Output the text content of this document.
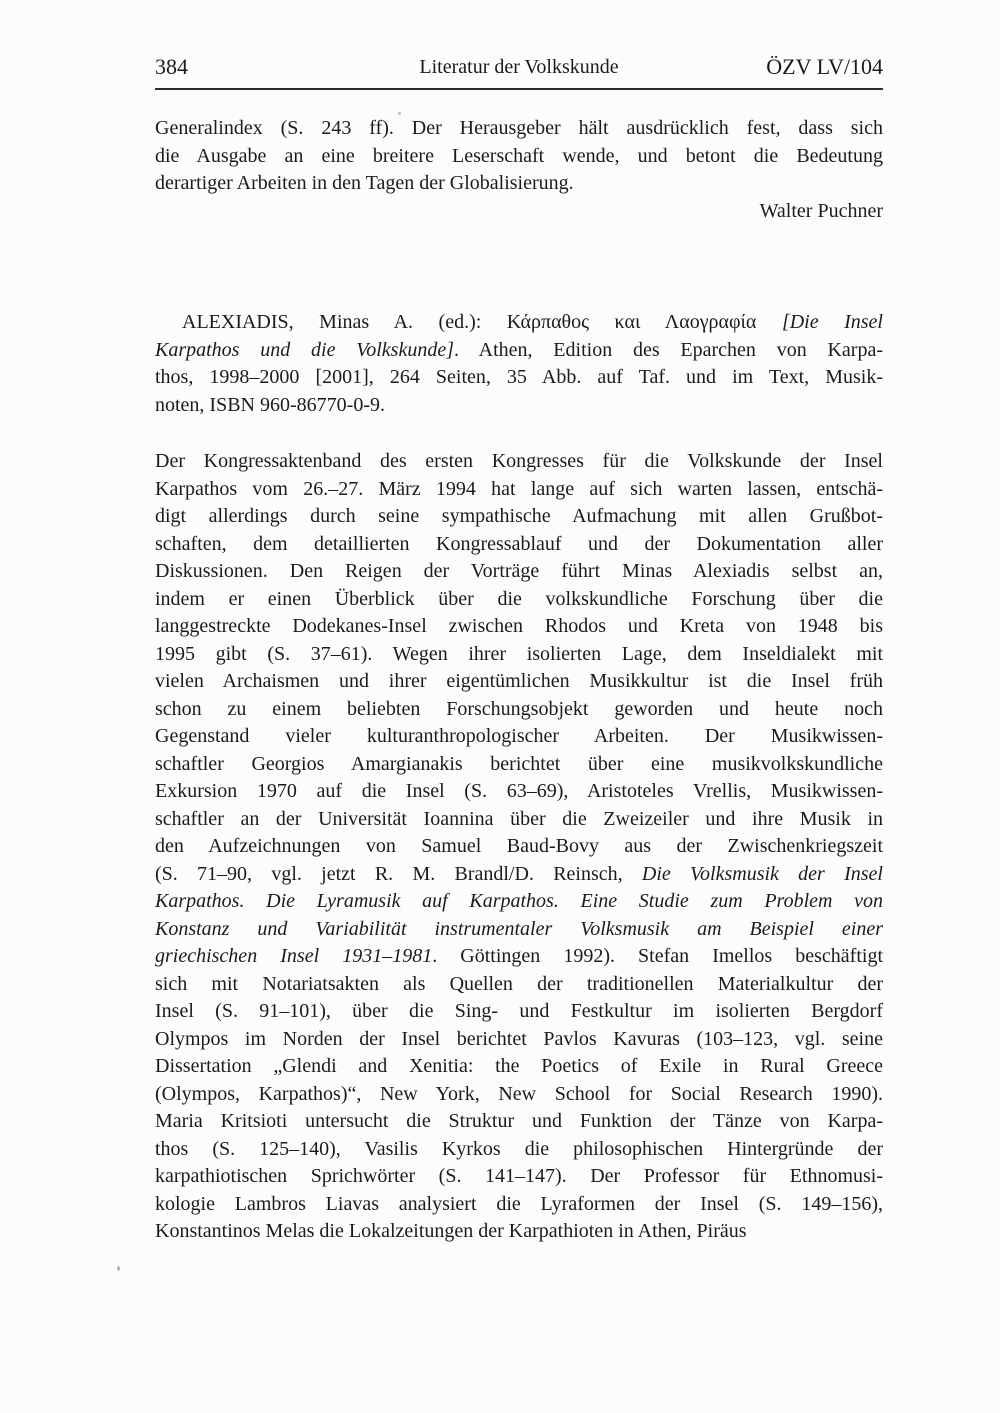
384	Literatur der Volkskunde	ÖZV LV/104
Generalindex (S. 243 ff). Der Herausgeber hält ausdrücklich fest, dass sich
die Ausgabe an eine breitere Leserschaft wende, und betont die Bedeutung
derartiger Arbeiten in den Tagen der Globalisierung.
Walter Puchner
ALEXIADIS, Minas A. (ed.): Κάρπαθος και Λαογραφία [Die Insel
Karpathos und die Volkskunde]. Athen, Edition des Eparchen von Karpa-
thos, 1998–2000 [2001], 264 Seiten, 35 Abb. auf Taf. und im Text, Musik-
noten, ISBN 960-86770-0-9.
Der Kongressaktenband des ersten Kongresses für die Volkskunde der Insel
Karpathos vom 26.–27. März 1994 hat lange auf sich warten lassen, entschä-
digt allerdings durch seine sympathische Aufmachung mit allen Grußbot-
schaften, dem detaillierten Kongressablauf und der Dokumentation aller
Diskussionen. Den Reigen der Vorträge führt Minas Alexiadis selbst an,
indem er einen Überblick über die volkskundliche Forschung über die
langgestreckte Dodekanes-Insel zwischen Rhodos und Kreta von 1948 bis
1995 gibt (S. 37–61). Wegen ihrer isolierten Lage, dem Inseldialekt mit
vielen Archaismen und ihrer eigentümlichen Musikkultur ist die Insel früh
schon zu einem beliebten Forschungsobjekt geworden und heute noch
Gegenstand vieler kulturanthropologischer Arbeiten. Der Musikwissen-
schaftler Georgios Amargianakis berichtet über eine musikvolkskundliche
Exkursion 1970 auf die Insel (S. 63–69), Aristoteles Vrellis, Musikwissen-
schaftler an der Universität Ioannina über die Zweizeiler und ihre Musik in
den Aufzeichnungen von Samuel Baud-Bovy aus der Zwischenkriegszeit
(S. 71–90, vgl. jetzt R. M. Brandl/D. Reinsch, Die Volksmusik der Insel
Karpathos. Die Lyramusik auf Karpathos. Eine Studie zum Problem von
Konstanz und Variabilität instrumentaler Volksmusik am Beispiel einer
griechischen Insel 1931–1981. Göttingen 1992). Stefan Imellos beschäftigt
sich mit Notariatsakten als Quellen der traditionellen Materialkultur der
Insel (S. 91–101), über die Sing- und Festkultur im isolierten Bergdorf
Olympos im Norden der Insel berichtet Pavlos Kavuras (103–123, vgl. seine
Dissertation „Glendi and Xenitia: the Poetics of Exile in Rural Greece
(Olympos, Karpathos)“, New York, New School for Social Research 1990).
Maria Kritsioti untersucht die Struktur und Funktion der Tänze von Karpa-
thos (S. 125–140), Vasilis Kyrkos die philosophischen Hintergründe der
karpathiotischen Sprichwörter (S. 141–147). Der Professor für Ethnomusi-
kologie Lambros Liavas analysiert die Lyraformen der Insel (S. 149–156),
Konstantinos Melas die Lokalzeitungen der Karpathioten in Athen, Piräus
